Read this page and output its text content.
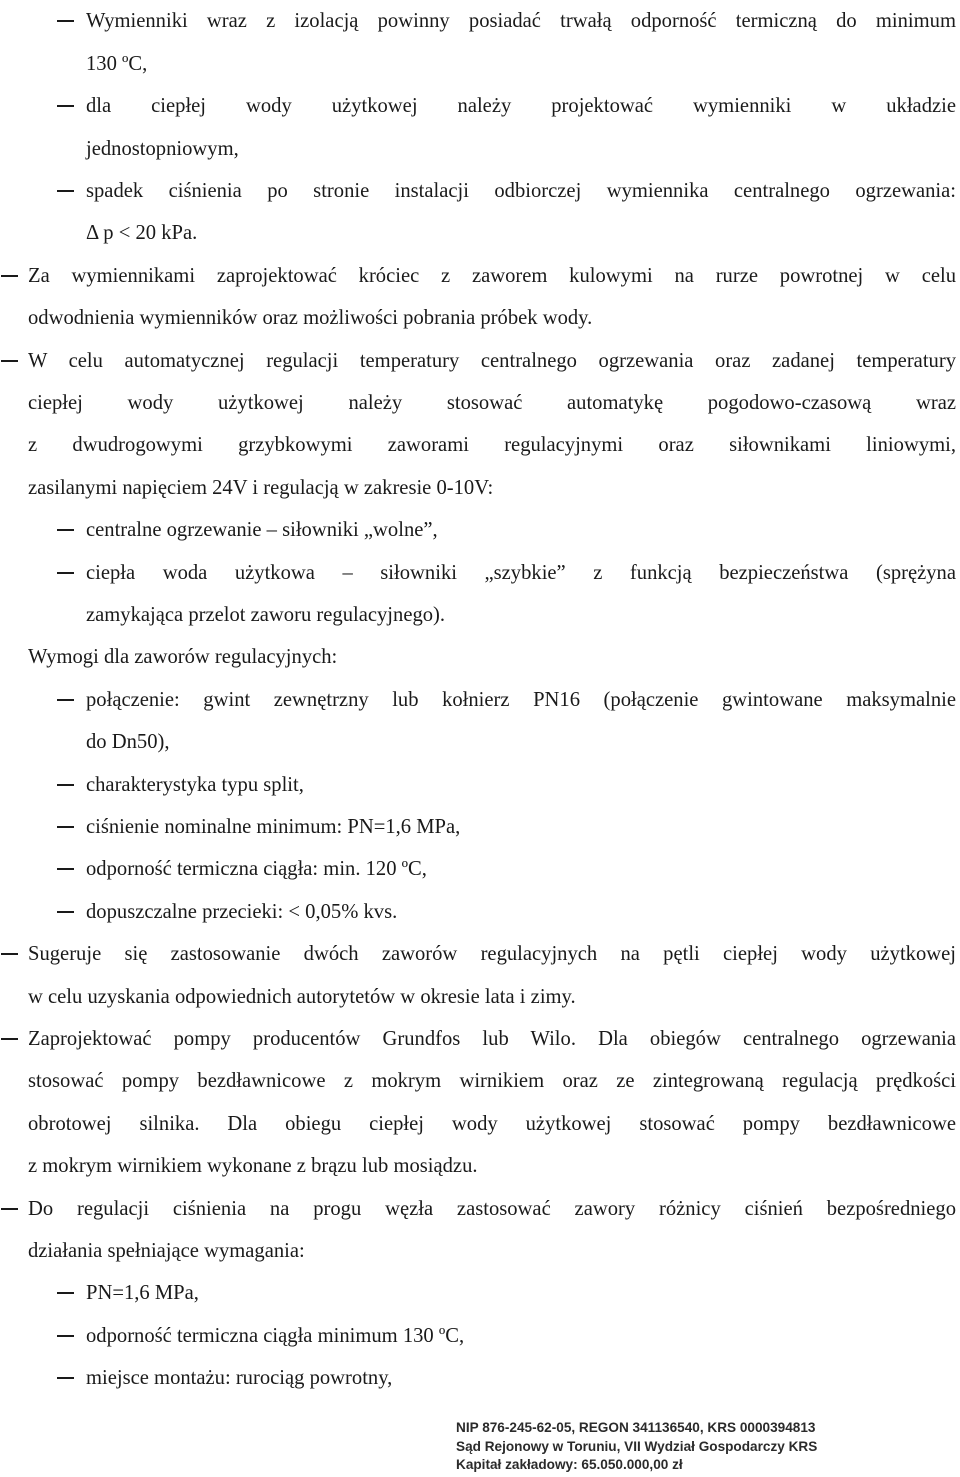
Wymienniki wraz z izolacją powinny posiadać trwałą odporność termiczną do minimum
130 ºC,
dla ciepłej wody użytkowej należy projektować wymienniki w układzie
jednostopniowym,
spadek ciśnienia po stronie instalacji odbiorczej wymiennika centralnego ogrzewania:
Δ p < 20 kPa.
Za wymiennikami zaprojektować króciec z zaworem kulowymi na rurze powrotnej w celu
odwodnienia wymienników oraz możliwości pobrania próbek wody.
W celu automatycznej regulacji temperatury centralnego ogrzewania oraz zadanej temperatury
ciepłej wody użytkowej należy stosować automatykę pogodowo-czasową wraz
z dwudrogowymi grzybkowymi zaworami regulacyjnymi oraz siłownikami liniowymi,
zasilanymi napięciem 24V i regulacją w zakresie 0-10V:
centralne ogrzewanie – siłowniki „wolne”,
ciepła woda użytkowa – siłowniki „szybkie” z funkcją bezpieczeństwa (sprężyna
zamykająca przelot zaworu regulacyjnego).
Wymogi dla zaworów regulacyjnych:
połączenie: gwint zewnętrzny lub kołnierz PN16 (połączenie gwintowane maksymalnie
do Dn50),
charakterystyka typu split,
ciśnienie nominalne minimum: PN=1,6 MPa,
odporność termiczna ciągła: min. 120 ºC,
dopuszczalne przecieki: < 0,05% kvs.
Sugeruje się zastosowanie dwóch zaworów regulacyjnych na pętli ciepłej wody użytkowej
w celu uzyskania odpowiednich autorytetów w okresie lata i zimy.
Zaprojektować pompy producentów Grundfos lub Wilo. Dla obiegów centralnego ogrzewania
stosować pompy bezdławnicowe z mokrym wirnikiem oraz ze zintegrowaną regulacją prędkości
obrotowej silnika. Dla obiegu ciepłej wody użytkowej stosować pompy bezdławnicowe
z mokrym wirnikiem wykonane z brązu lub mosiądzu.
Do regulacji ciśnienia na progu węzła zastosować zawory różnicy ciśnień bezpośredniego
działania spełniające wymagania:
PN=1,6 MPa,
odporność termiczna ciągła minimum 130 ºC,
miejsce montażu: rurociąg powrotny,
NIP 876-245-62-05, REGON 341136540, KRS 0000394813
Sąd Rejonowy w Toruniu, VII Wydział Gospodarczy KRS
Kapitał zakładowy: 65.050.000,00 zł
